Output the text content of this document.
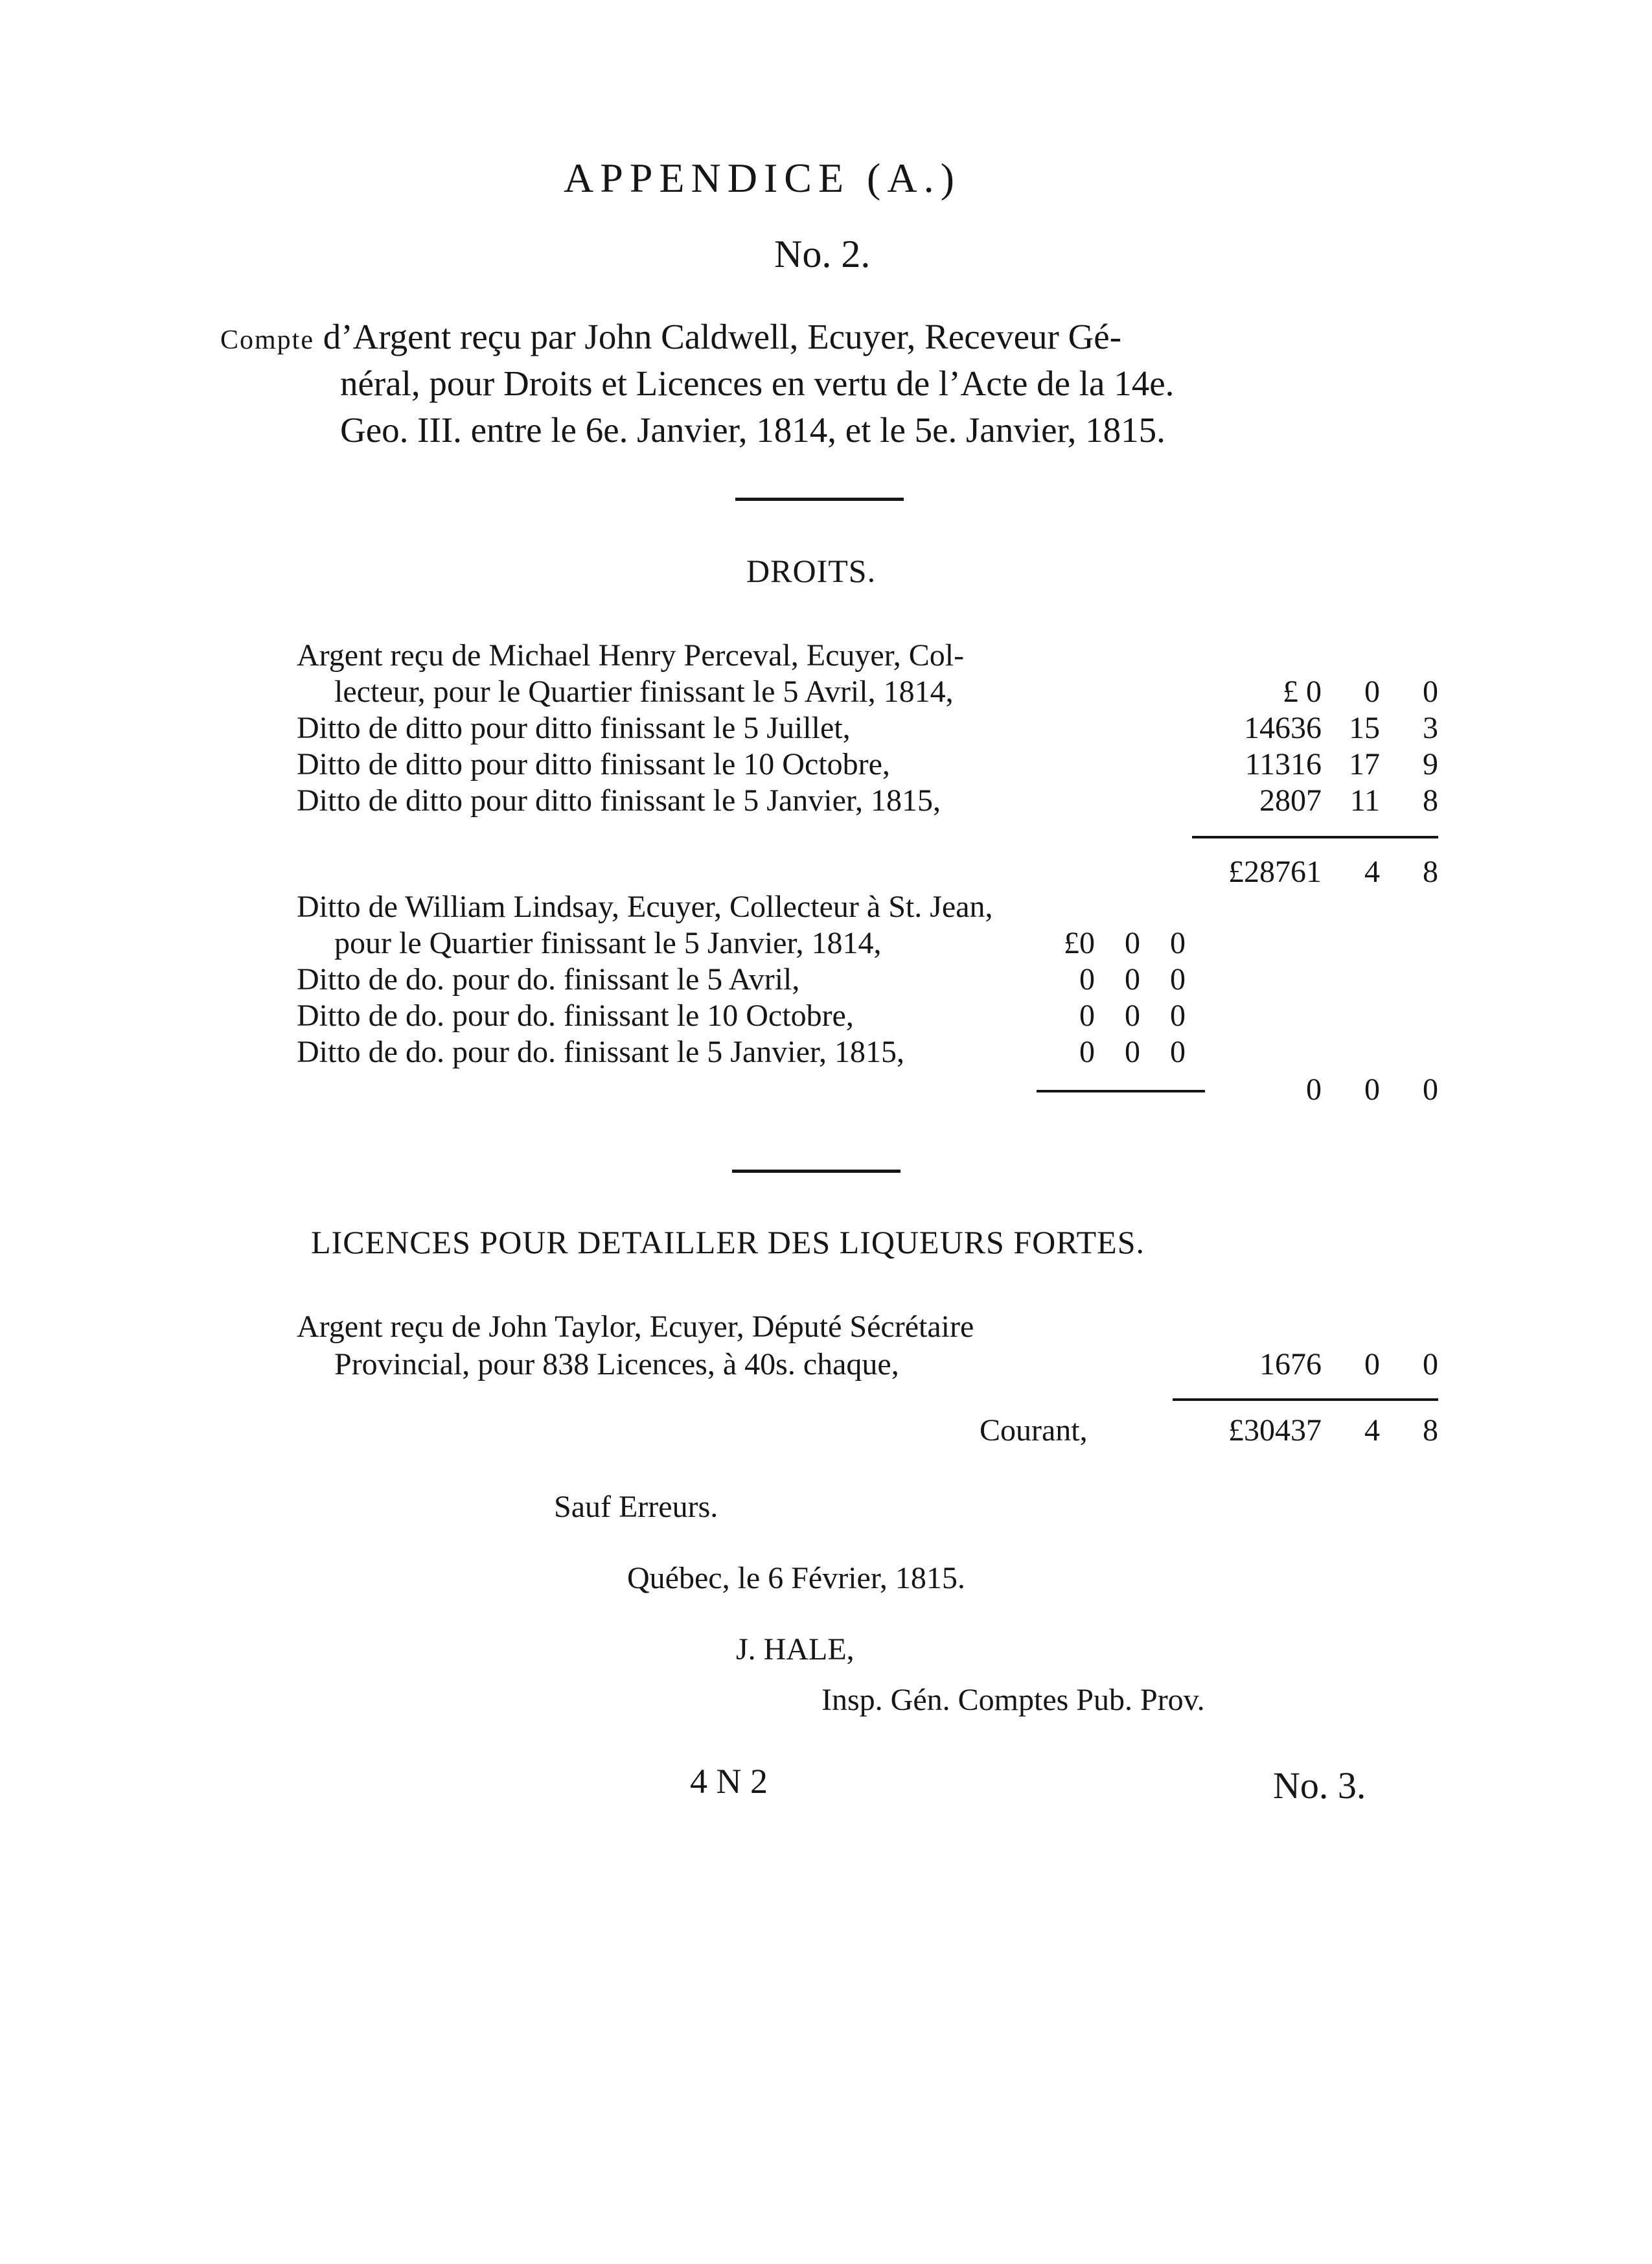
APPENDICE (A.)
No. 2.
Compte d’Argent reçu par John Caldwell, Ecuyer, Receveur Gé-
néral, pour Droits et Licences en vertu de l’Acte de la 14e.
Geo. III. entre le 6e. Janvier, 1814, et le 5e. Janvier, 1815.
DROITS.
Argent reçu de Michael Henry Perceval, Ecuyer, Col-
lecteur, pour le Quartier finissant le 5 Avril, 1814,	£ 0	0	0
Ditto de ditto pour ditto finissant le 5 Juillet,	14636 15	3
Ditto de ditto pour ditto finissant le 10 Octobre,	11316 17	9
Ditto de ditto pour ditto finissant le 5 Janvier, 1815,	2807 11	8
£28761	4	8
Ditto de William Lindsay, Ecuyer, Collecteur à St. Jean,
pour le Quartier finissant le 5 Janvier, 1814,	£0 0 0
Ditto de do. pour do. finissant le 5 Avril,	0 0 0
Ditto de do. pour do. finissant le 10 Octobre,	0 0 0
Ditto de do. pour do. finissant le 5 Janvier, 1815,	0 0 0
0	0	0
LICENCES POUR DETAILLER DES LIQUEURS FORTES.
Argent reçu de John Taylor, Ecuyer, Député Sécrétaire
Provincial, pour 838 Licences, à 40s. chaque,	1676	0	0
Courant,	£30437	4	8
Sauf Erreurs.
Québec, le 6 Février, 1815.
J. HALE,
Insp. Gén. Comptes Pub. Prov.
4 N 2	No. 3.
